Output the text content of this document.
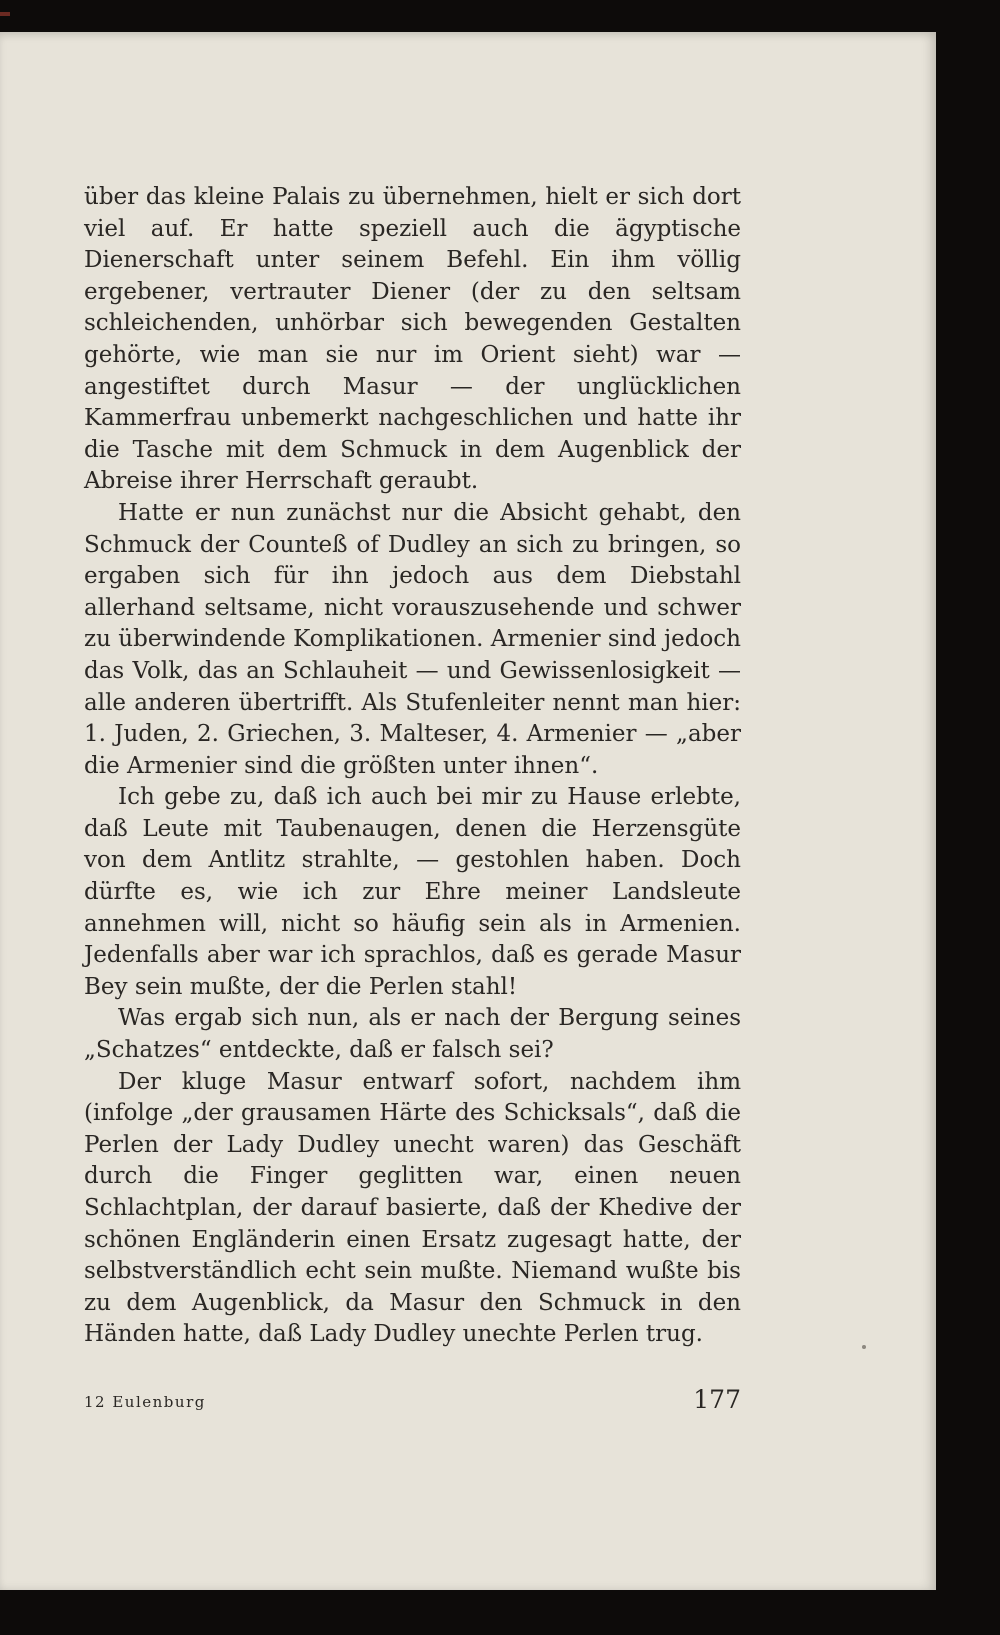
über das kleine Palais zu übernehmen, hielt er sich dort viel auf. Er hatte speziell auch die ägyptische Dienerschaft unter seinem Befehl. Ein ihm völlig ergebener, vertrauter Diener (der zu den seltsam schleichenden, unhörbar sich bewegenden Gestalten gehörte, wie man sie nur im Orient sieht) war — angestiftet durch Masur — der unglücklichen Kammerfrau unbemerkt nachgeschlichen und hatte ihr die Tasche mit dem Schmuck in dem Augenblick der Abreise ihrer Herrschaft geraubt.

Hatte er nun zunächst nur die Absicht gehabt, den Schmuck der Counteß of Dudley an sich zu bringen, so ergaben sich für ihn jedoch aus dem Diebstahl allerhand seltsame, nicht vorauszusehende und schwer zu überwindende Komplikationen. Armenier sind jedoch das Volk, das an Schlauheit — und Gewissenlosigkeit — alle anderen übertrifft. Als Stufenleiter nennt man hier: 1. Juden, 2. Griechen, 3. Malteser, 4. Armenier — „aber die Armenier sind die größten unter ihnen“.

Ich gebe zu, daß ich auch bei mir zu Hause erlebte, daß Leute mit Taubenaugen, denen die Herzensgüte von dem Antlitz strahlte, — gestohlen haben. Doch dürfte es, wie ich zur Ehre meiner Landsleute annehmen will, nicht so häufig sein als in Armenien. Jedenfalls aber war ich sprachlos, daß es gerade Masur Bey sein mußte, der die Perlen stahl!

Was ergab sich nun, als er nach der Bergung seines „Schatzes“ entdeckte, daß er falsch sei?

Der kluge Masur entwarf sofort, nachdem ihm (infolge „der grausamen Härte des Schicksals“, daß die Perlen der Lady Dudley unecht waren) das Geschäft durch die Finger geglitten war, einen neuen Schlachtplan, der darauf basierte, daß der Khedive der schönen Engländerin einen Ersatz zugesagt hatte, der selbstverständlich echt sein mußte. Niemand wußte bis zu dem Augenblick, da Masur den Schmuck in den Händen hatte, daß Lady Dudley unechte Perlen trug.

12 Eulenburg	177
